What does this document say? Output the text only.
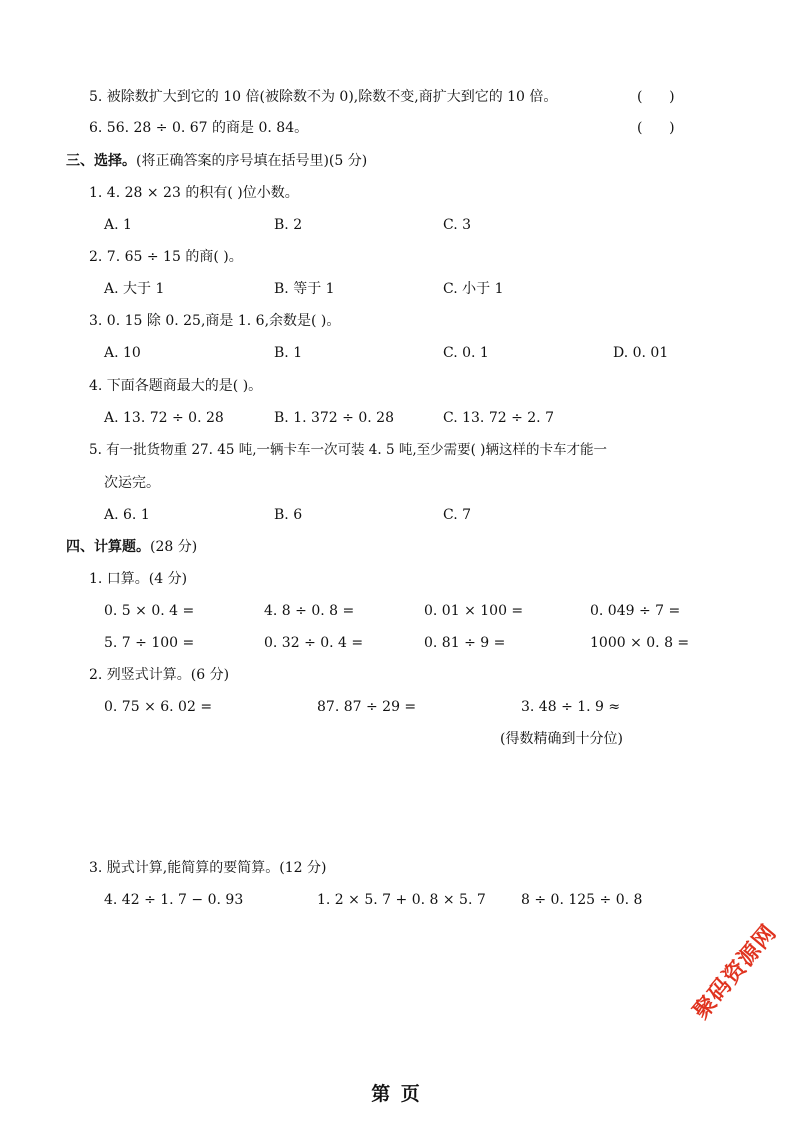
5. 被除数扩大到它的 10 倍(被除数不为 0),除数不变,商扩大到它的 10 倍。	(      )
6. 56. 28 ÷ 0. 67 的商是 0. 84。	(      )
三、选择。(将正确答案的序号填在括号里)(5 分)
1. 4. 28 × 23 的积有( )位小数。
A. 1	B. 2	C. 3
2. 7. 65 ÷ 15 的商( )。
A. 大于 1	B. 等于 1	C. 小于 1
3. 0. 15 除 0. 25,商是 1. 6,余数是( )。
A. 10	B. 1	C. 0. 1	D. 0. 01
4. 下面各题商最大的是( )。
A. 13. 72 ÷ 0. 28	B. 1. 372 ÷ 0. 28	C. 13. 72 ÷ 2. 7
5. 有一批货物重 27. 45 吨,一辆卡车一次可装 4. 5 吨,至少需要( )辆这样的卡车才能一
次运完。
A. 6. 1	B. 6	C. 7
四、计算题。(28 分)
1. 口算。(4 分)
0. 5 × 0. 4 =	4. 8 ÷ 0. 8 =	0. 01 × 100 =	0. 049 ÷ 7 =
5. 7 ÷ 100 =	0. 32 ÷ 0. 4 =	0. 81 ÷ 9 =	1000 × 0. 8 =
2. 列竖式计算。(6 分)
0. 75 × 6. 02 =	87. 87 ÷ 29 =	3. 48 ÷ 1. 9 ≈
(得数精确到十分位)
3. 脱式计算,能简算的要简算。(12 分)
4. 42 ÷ 1. 7 − 0. 93	1. 2 × 5. 7 + 0. 8 × 5. 7	8 ÷ 0. 125 ÷ 0. 8
聚码资源网
第 页
